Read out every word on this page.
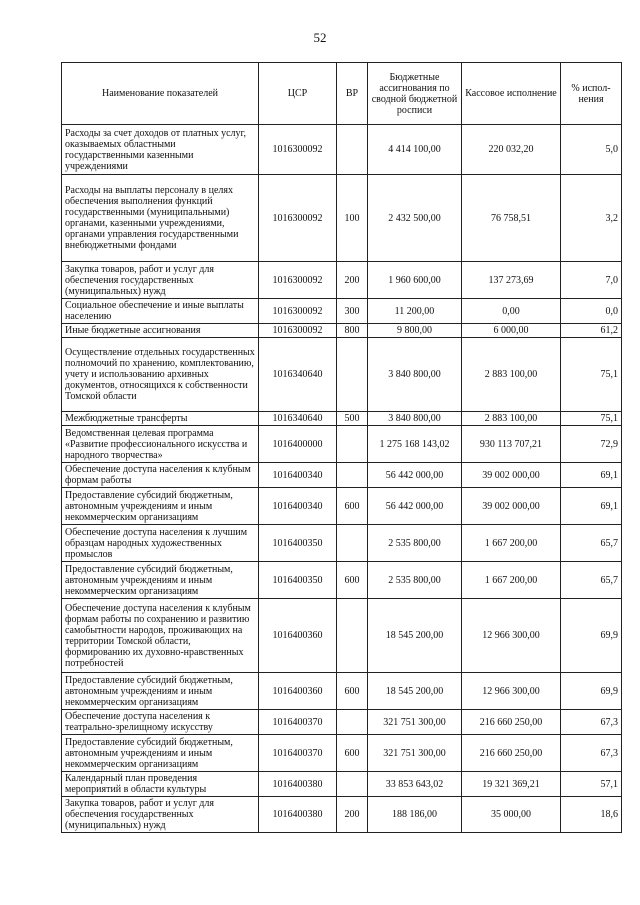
52
Наименование показателей	ЦСР	ВР	Бюджетные ассигнования по сводной бюджетной росписи	Кассовое исполнение	% испол-нения
Расходы за счет доходов от платных услуг, оказываемых областными государственными казенными учреждениями	1016300092		4 414 100,00	220 032,20	5,0
Расходы на выплаты персоналу в целях обеспечения выполнения функций государственными (муниципальными) органами, казенными учреждениями, органами управления государственными внебюджетными фондами	1016300092	100	2 432 500,00	76 758,51	3,2
Закупка товаров, работ и услуг для обеспечения государственных (муниципальных) нужд	1016300092	200	1 960 600,00	137 273,69	7,0
Социальное обеспечение и иные выплаты населению	1016300092	300	11 200,00	0,00	0,0
Иные бюджетные ассигнования	1016300092	800	9 800,00	6 000,00	61,2
Осуществление отдельных государственных полномочий по хранению, комплектованию, учету и использованию архивных документов, относящихся к собственности Томской области	1016340640		3 840 800,00	2 883 100,00	75,1
Межбюджетные трансферты	1016340640	500	3 840 800,00	2 883 100,00	75,1
Ведомственная целевая программа «Развитие профессионального искусства и народного творчества»	1016400000		1 275 168 143,02	930 113 707,21	72,9
Обеспечение доступа населения к клубным формам работы	1016400340		56 442 000,00	39 002 000,00	69,1
Предоставление субсидий бюджетным, автономным учреждениям и иным некоммерческим организациям	1016400340	600	56 442 000,00	39 002 000,00	69,1
Обеспечение доступа населения к лучшим образцам народных художественных промыслов	1016400350		2 535 800,00	1 667 200,00	65,7
Предоставление субсидий бюджетным, автономным учреждениям и иным некоммерческим организациям	1016400350	600	2 535 800,00	1 667 200,00	65,7
Обеспечение доступа населения к клубным формам работы по сохранению и развитию самобытности народов, проживающих на территории Томской области, формированию их духовно-нравственных потребностей	1016400360		18 545 200,00	12 966 300,00	69,9
Предоставление субсидий бюджетным, автономным учреждениям и иным некоммерческим организациям	1016400360	600	18 545 200,00	12 966 300,00	69,9
Обеспечение доступа населения к театрально-зрелищному искусству	1016400370		321 751 300,00	216 660 250,00	67,3
Предоставление субсидий бюджетным, автономным учреждениям и иным некоммерческим организациям	1016400370	600	321 751 300,00	216 660 250,00	67,3
Календарный план проведения мероприятий в области культуры	1016400380		33 853 643,02	19 321 369,21	57,1
Закупка товаров, работ и услуг для обеспечения государственных (муниципальных) нужд	1016400380	200	188 186,00	35 000,00	18,6
